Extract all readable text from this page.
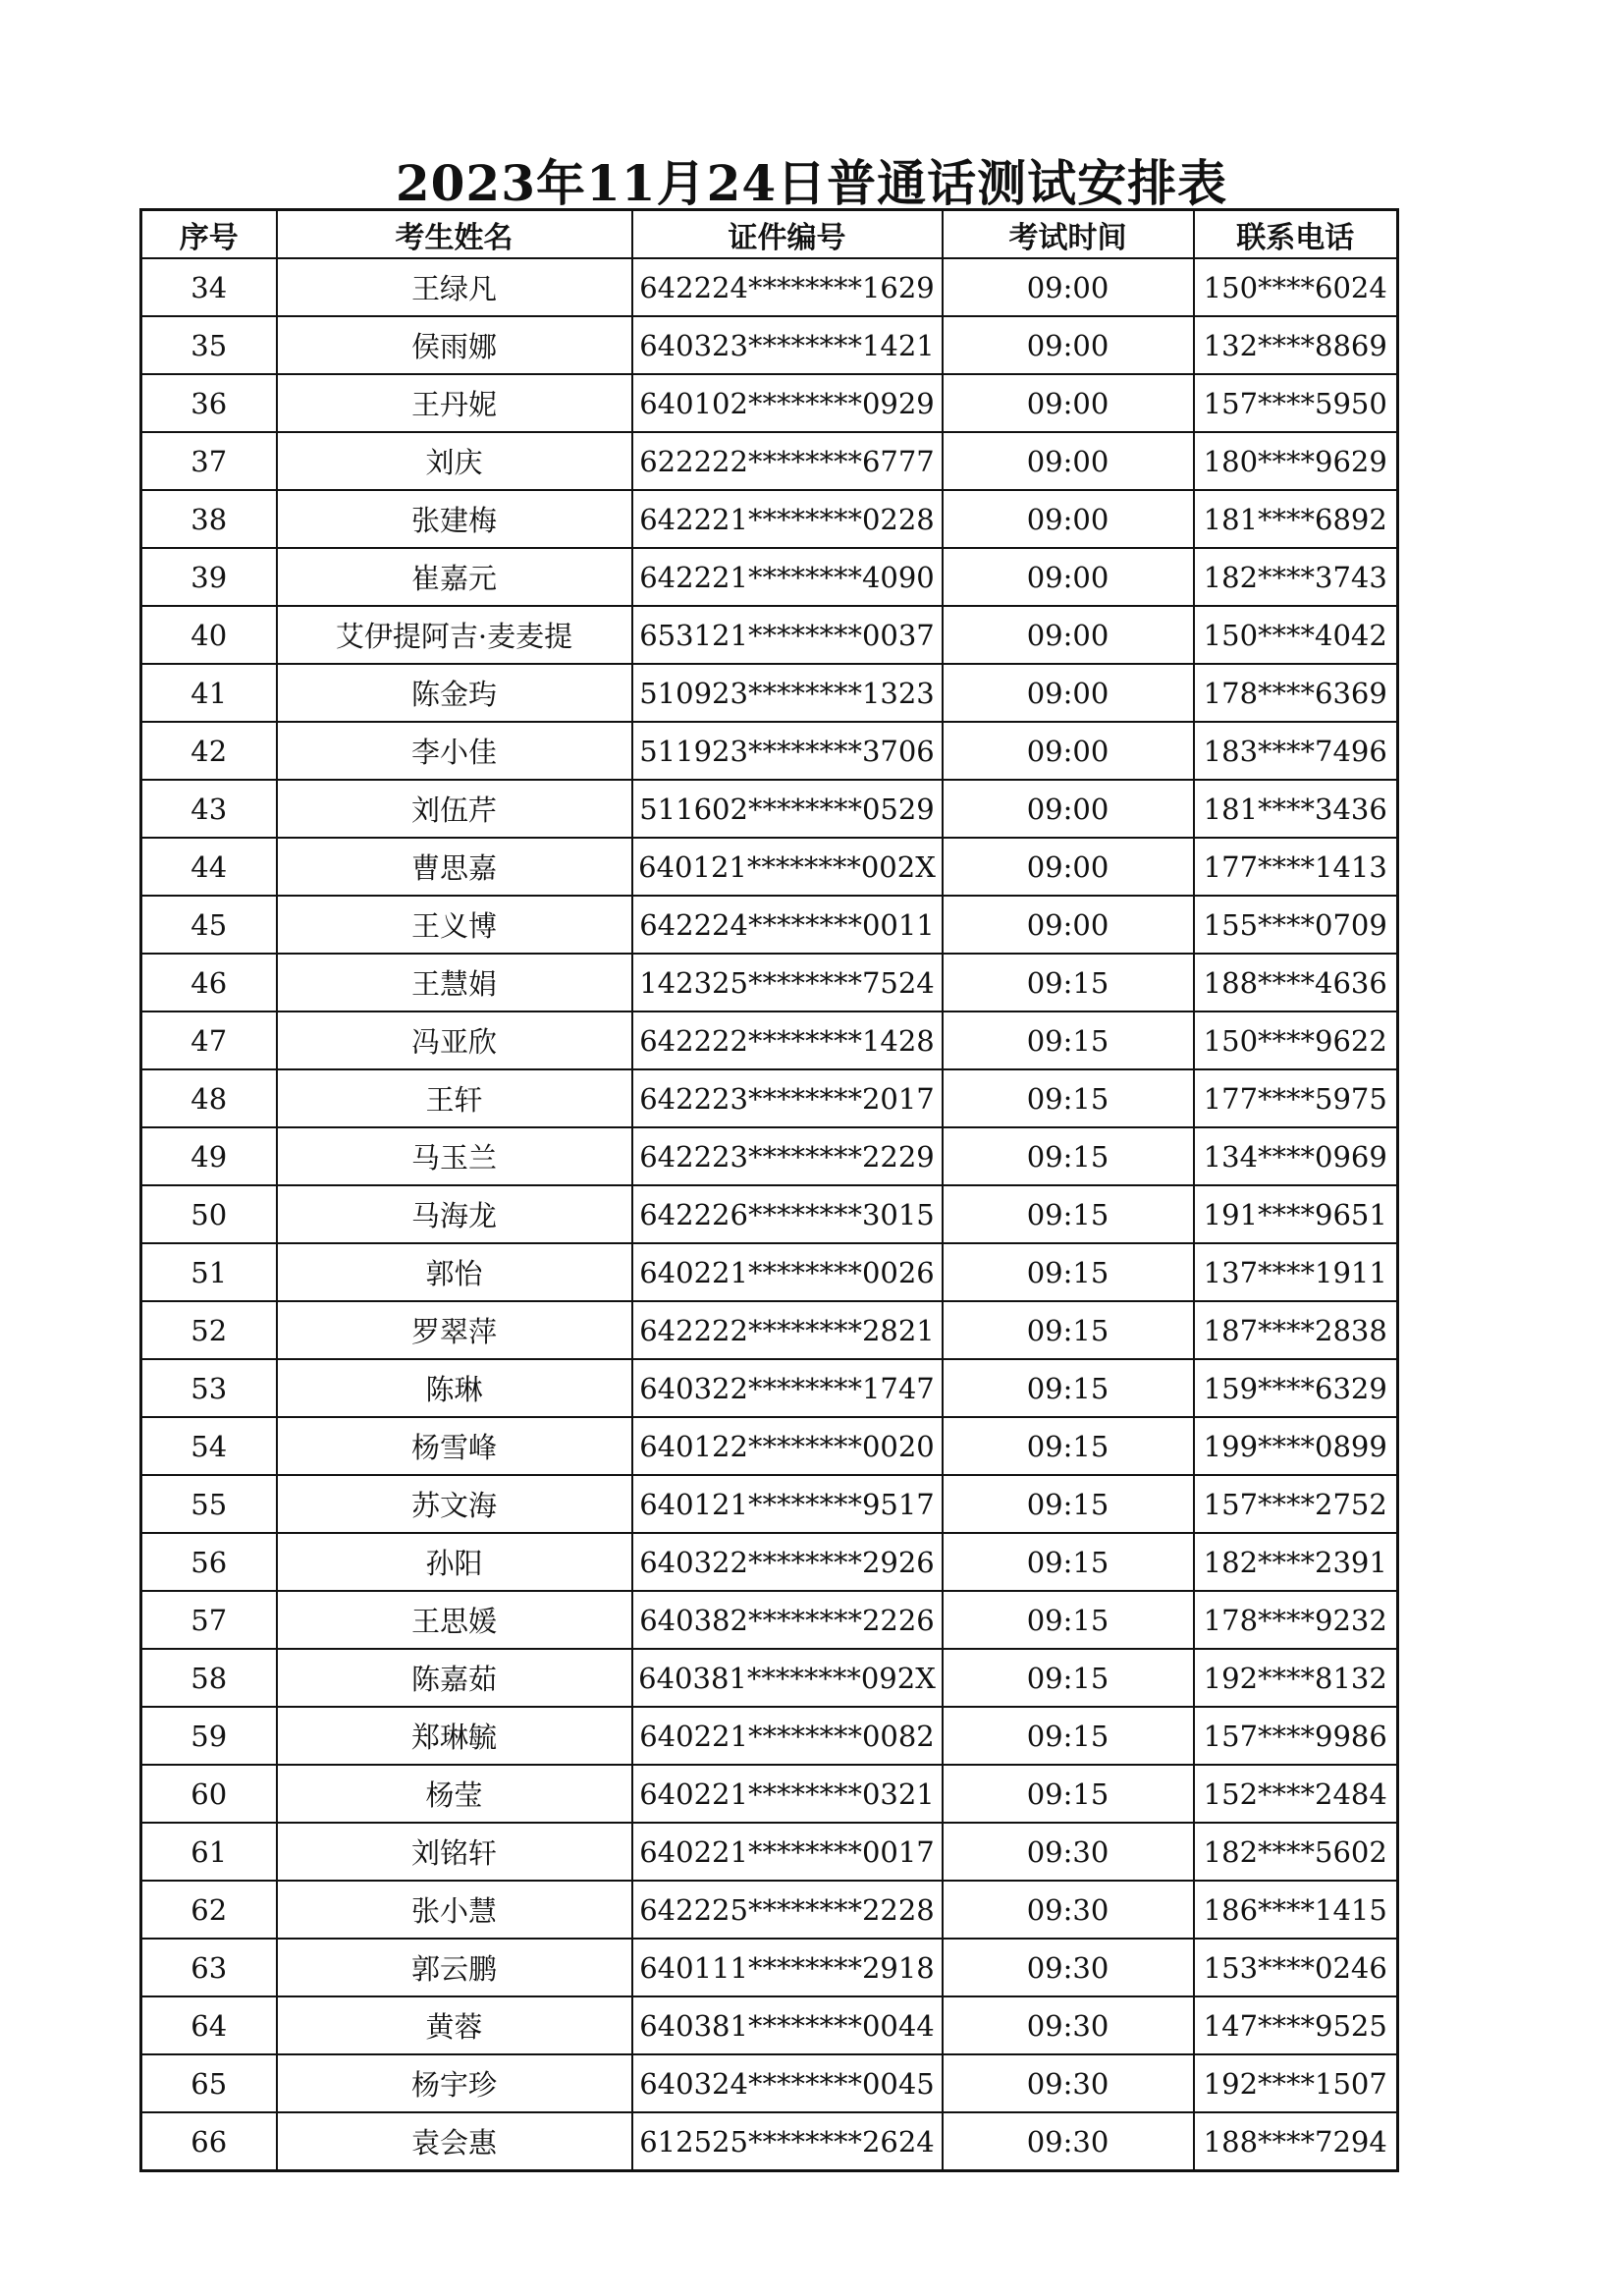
2023年11月24日普通话测试安排表
序号	考生姓名	证件编号	考试时间	联系电话
34	王绿凡	642224********1629	09:00	150****6024
35	侯雨娜	640323********1421	09:00	132****8869
36	王丹妮	640102********0929	09:00	157****5950
37	刘庆	622222********6777	09:00	180****9629
38	张建梅	642221********0228	09:00	181****6892
39	崔嘉元	642221********4090	09:00	182****3743
40	艾伊提阿吉·麦麦提	653121********0037	09:00	150****4042
41	陈金玙	510923********1323	09:00	178****6369
42	李小佳	511923********3706	09:00	183****7496
43	刘伍芹	511602********0529	09:00	181****3436
44	曹思嘉	640121********002X	09:00	177****1413
45	王义博	642224********0011	09:00	155****0709
46	王慧娟	142325********7524	09:15	188****4636
47	冯亚欣	642222********1428	09:15	150****9622
48	王轩	642223********2017	09:15	177****5975
49	马玉兰	642223********2229	09:15	134****0969
50	马海龙	642226********3015	09:15	191****9651
51	郭怡	640221********0026	09:15	137****1911
52	罗翠萍	642222********2821	09:15	187****2838
53	陈琳	640322********1747	09:15	159****6329
54	杨雪峰	640122********0020	09:15	199****0899
55	苏文海	640121********9517	09:15	157****2752
56	孙阳	640322********2926	09:15	182****2391
57	王思媛	640382********2226	09:15	178****9232
58	陈嘉茹	640381********092X	09:15	192****8132
59	郑琳毓	640221********0082	09:15	157****9986
60	杨莹	640221********0321	09:15	152****2484
61	刘铭轩	640221********0017	09:30	182****5602
62	张小慧	642225********2228	09:30	186****1415
63	郭云鹏	640111********2918	09:30	153****0246
64	黄蓉	640381********0044	09:30	147****9525
65	杨宇珍	640324********0045	09:30	192****1507
66	袁会惠	612525********2624	09:30	188****7294
